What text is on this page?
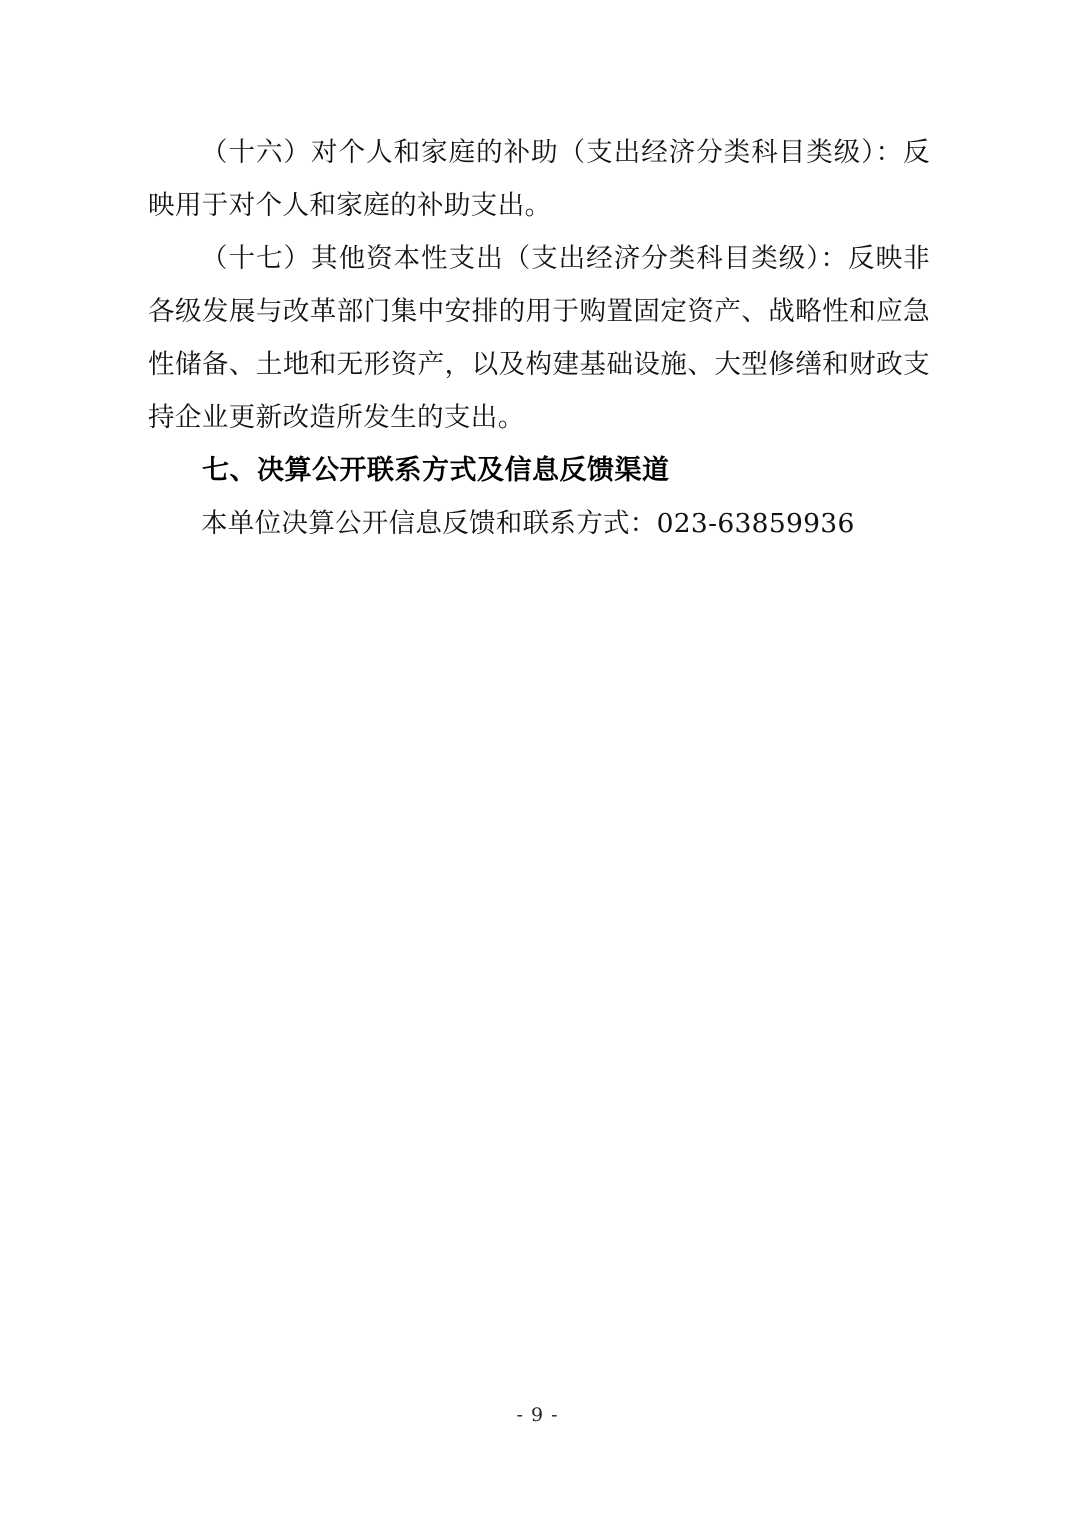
（十六）对个人和家庭的补助（支出经济分类科目类级）：反映用于对个人和家庭的补助支出。

（十七）其他资本性支出（支出经济分类科目类级）：反映非各级发展与改革部门集中安排的用于购置固定资产、战略性和应急性储备、土地和无形资产，以及构建基础设施、大型修缮和财政支持企业更新改造所发生的支出。

七、决算公开联系方式及信息反馈渠道

本单位决算公开信息反馈和联系方式：023-63859936

- 9 -
